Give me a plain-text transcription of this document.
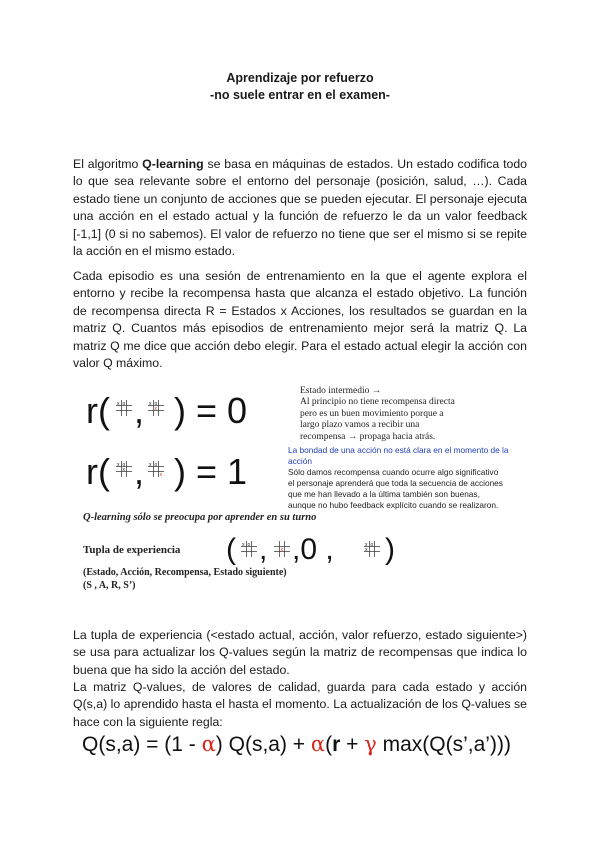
Aprendizaje por refuerzo
-no suele entrar en el examen-
El algoritmo Q-learning se basa en máquinas de estados. Un estado codifica todo lo que sea relevante sobre el entorno del personaje (posición, salud, …). Cada estado tiene un conjunto de acciones que se pueden ejecutar. El personaje ejecuta una acción en el estado actual y la función de refuerzo le da un valor feedback [-1,1] (0 si no sabemos). El valor de refuerzo no tiene que ser el mismo si se repite la acción en el mismo estado.
Cada episodio es una sesión de entrenamiento en la que el agente explora el entorno y recibe la recompensa hasta que alcanza el estado objetivo. La función de recompensa directa R = Estados x Acciones, los resultados se guardan en la matriz Q. Cuantos más episodios de entrenamiento mejor será la matriz Q. La matriz Q me dice que acción debo elegir. Para el estado actual elegir la acción con valor Q máximo.
r( x o , x o
x ) = 0
r( x o
x , x o
x ) = 1
Estado intermedio →
Al principio no tiene recompensa directa
pero es un buen movimiento porque a
largo plazo vamos a recibir una
recompensa → propaga hacia atrás.
La bondad de una acción no está clara en el momento de la acción
Sólo damos recompensa cuando ocurre algo significativo
el personaje aprenderá que toda la secuencia de acciones
que me han llevado a la última también son buenas,
aunque no hubo feedback explícito cuando se realizaron.
Q-learning sólo se preocupa por aprender en su turno
Tupla de experiencia ( x o ,	x ,0 ,	x o
x )
(Estado, Acción, Recompensa, Estado siguiente)
(S , A, R, S’)
La tupla de experiencia (<estado actual, acción, valor refuerzo, estado siguiente>) se usa para actualizar los Q-values según la matriz de recompensas que indica lo buena que ha sido la acción del estado.
La matriz Q-values, de valores de calidad, guarda para cada estado y acción Q(s,a) lo aprendido hasta el hasta el momento. La actualización de los Q-values se hace con la siguiente regla:
Q(s,a) = (1 - α) Q(s,a) + α(r + γ max(Q(s’,a’)))
